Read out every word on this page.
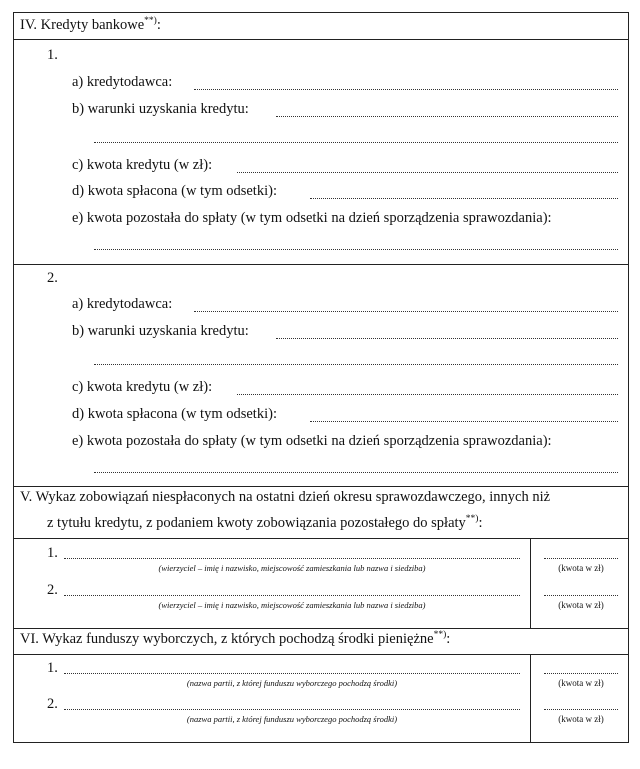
IV. Kredyty bankowe**):
1.
a) kredytodawca:
b) warunki uzyskania kredytu:
c) kwota kredytu (w zł):
d) kwota spłacona (w tym odsetki):
e) kwota pozostała do spłaty (w tym odsetki na dzień sporządzenia sprawozdania):
2.
a) kredytodawca:
b) warunki uzyskania kredytu:
c) kwota kredytu (w zł):
d) kwota spłacona (w tym odsetki):
e) kwota pozostała do spłaty (w tym odsetki na dzień sporządzenia sprawozdania):
V. Wykaz zobowiązań niespłaconych na ostatni dzień okresu sprawozdawczego, innych niż
z tytułu kredytu, z podaniem kwoty zobowiązania pozostałego do spłaty**):
1.
(wierzyciel – imię i nazwisko, miejscowość zamieszkania lub nazwa i siedziba)	(kwota w zł)
2.
(wierzyciel – imię i nazwisko, miejscowość zamieszkania lub nazwa i siedziba)	(kwota w zł)
VI. Wykaz funduszy wyborczych, z których pochodzą środki pieniężne**):
1.
(nazwa partii, z której funduszu wyborczego pochodzą środki)	(kwota w zł)
2.
(nazwa partii, z której funduszu wyborczego pochodzą środki)	(kwota w zł)
